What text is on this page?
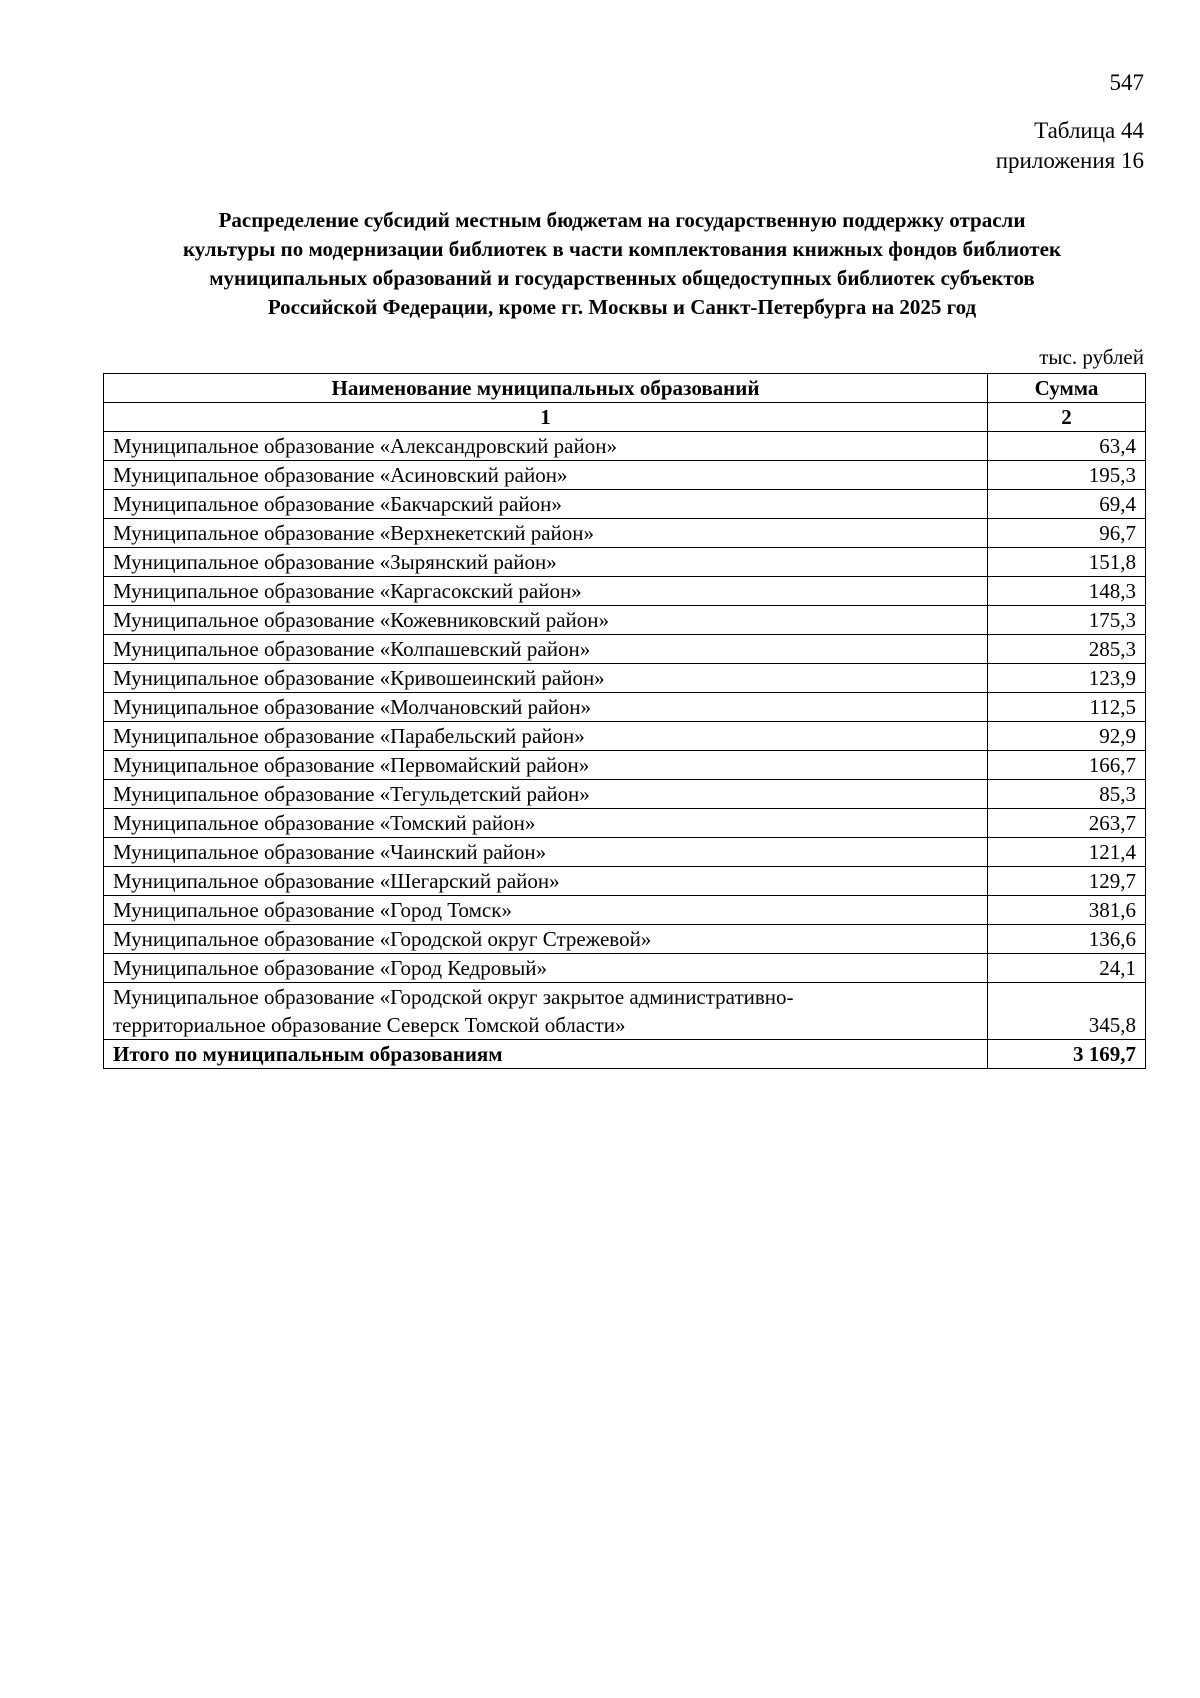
547
Таблица 44
приложения 16
Распределение субсидий местным бюджетам на государственную поддержку отрасли
культуры по модернизации библиотек в части комплектования книжных фондов библиотек
муниципальных образований и государственных общедоступных библиотек субъектов
Российской Федерации, кроме гг. Москвы и Санкт-Петербурга на 2025 год
тыс. рублей
Наименование муниципальных образований	Сумма
1	2
Муниципальное образование «Александровский район»	63,4
Муниципальное образование «Асиновский район»	195,3
Муниципальное образование «Бакчарский район»	69,4
Муниципальное образование «Верхнекетский район»	96,7
Муниципальное образование «Зырянский район»	151,8
Муниципальное образование «Каргасокский район»	148,3
Муниципальное образование «Кожевниковский район»	175,3
Муниципальное образование «Колпашевский район»	285,3
Муниципальное образование «Кривошеинский район»	123,9
Муниципальное образование «Молчановский район»	112,5
Муниципальное образование «Парабельский район»	92,9
Муниципальное образование «Первомайский район»	166,7
Муниципальное образование «Тегульдетский район»	85,3
Муниципальное образование «Томский район»	263,7
Муниципальное образование «Чаинский район»	121,4
Муниципальное образование «Шегарский район»	129,7
Муниципальное образование «Город Томск»	381,6
Муниципальное образование «Городской округ Стрежевой»	136,6
Муниципальное образование «Город Кедровый»	24,1

Муниципальное образование «Городской округ закрытое административно-
территориальное образование Северск Томской области»	345,8
Итого по муниципальным образованиям	3 169,7
